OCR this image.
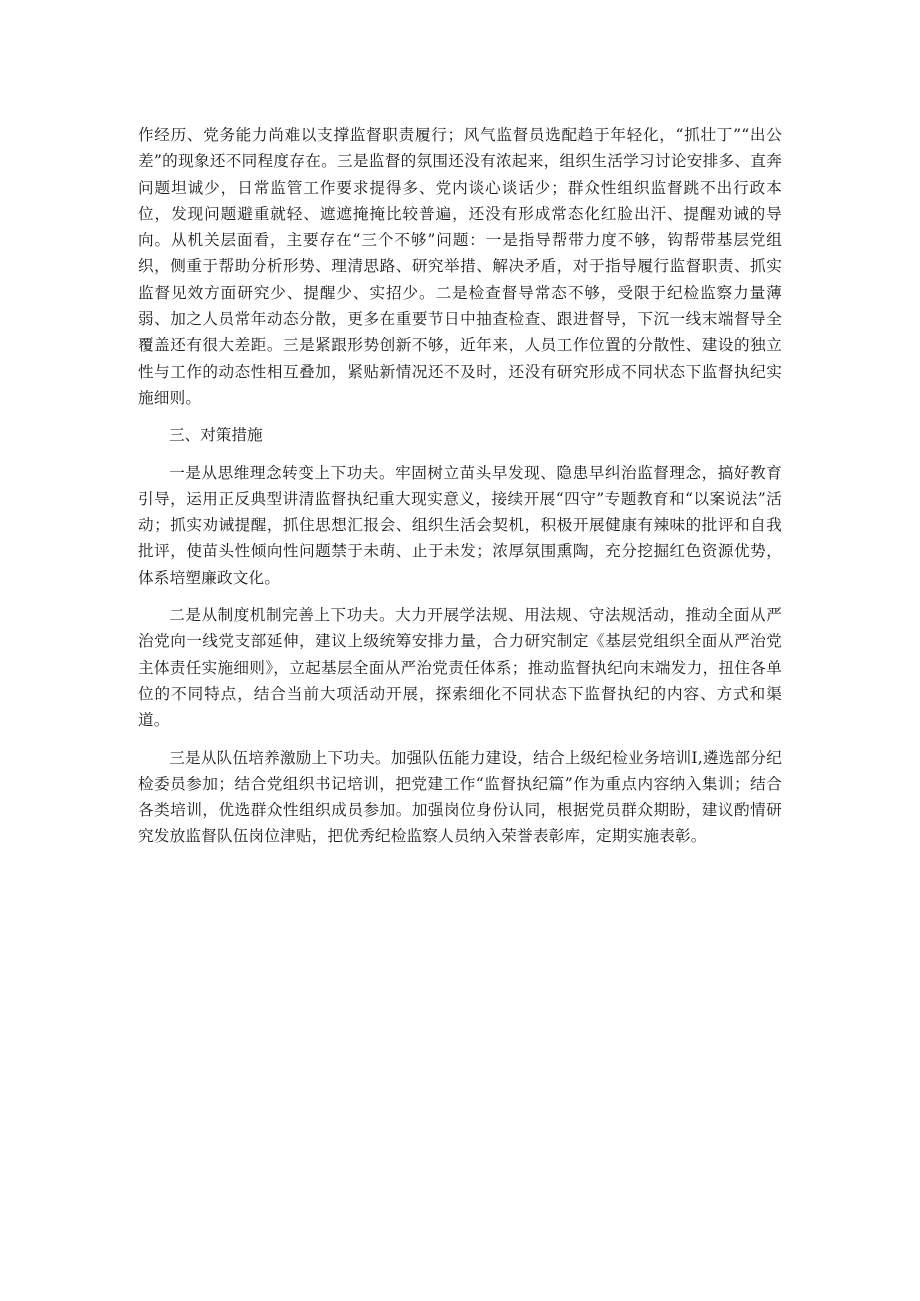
作经历、党务能力尚难以支撑监督职责履行；风气监督员选配趋于年轻化，“抓壮丁”“出公差”的现象还不同程度存在。三是监督的氛围还没有浓起来，组织生活学习讨论安排多、直奔问题坦诚少，日常监管工作要求提得多、党内谈心谈话少；群众性组织监督跳不出行政本位，发现问题避重就轻、遮遮掩掩比较普遍，还没有形成常态化红脸出汗、提醒劝诫的导向。从机关层面看，主要存在“三个不够”问题：一是指导帮带力度不够，钩帮带基层党组织，侧重于帮助分析形势、理清思路、研究举措、解决矛盾，对于指导履行监督职责、抓实监督见效方面研究少、提醒少、实招少。二是检查督导常态不够，受限于纪检监察力量薄弱、加之人员常年动态分散，更多在重要节日中抽查检查、跟进督导，下沉一线末端督导全覆盖还有很大差距。三是紧跟形势创新不够，近年来，人员工作位置的分散性、建设的独立性与工作的动态性相互叠加，紧贴新情况还不及时，还没有研究形成不同状态下监督执纪实施细则。

三、对策措施

一是从思维理念转变上下功夫。牢固树立苗头早发现、隐患早纠治监督理念，搞好教育引导，运用正反典型讲清监督执纪重大现实意义，接续开展“四守”专题教育和“以案说法”活动；抓实劝诫提醒，抓住思想汇报会、组织生活会契机，积极开展健康有辣味的批评和自我批评，使苗头性倾向性问题禁于未萌、止于未发；浓厚氛围熏陶，充分挖掘红色资源优势，体系培塑廉政文化。

二是从制度机制完善上下功夫。大力开展学法规、用法规、守法规活动，推动全面从严治党向一线党支部延伸，建议上级统筹安排力量，合力研究制定《基层党组织全面从严治党主体责任实施细则》，立起基层全面从严治党责任体系；推动监督执纪向末端发力，扭住各单位的不同特点，结合当前大项活动开展，探索细化不同状态下监督执纪的内容、方式和渠道。

三是从队伍培养激励上下功夫。加强队伍能力建设，结合上级纪检业务培训I,遴选部分纪检委员参加；结合党组织书记培训，把党建工作“监督执纪篇”作为重点内容纳入集训；结合各类培训，优选群众性组织成员参加。加强岗位身份认同，根据党员群众期盼，建议酌情研究发放监督队伍岗位津贴，把优秀纪检监察人员纳入荣誉表彰库，定期实施表彰。
